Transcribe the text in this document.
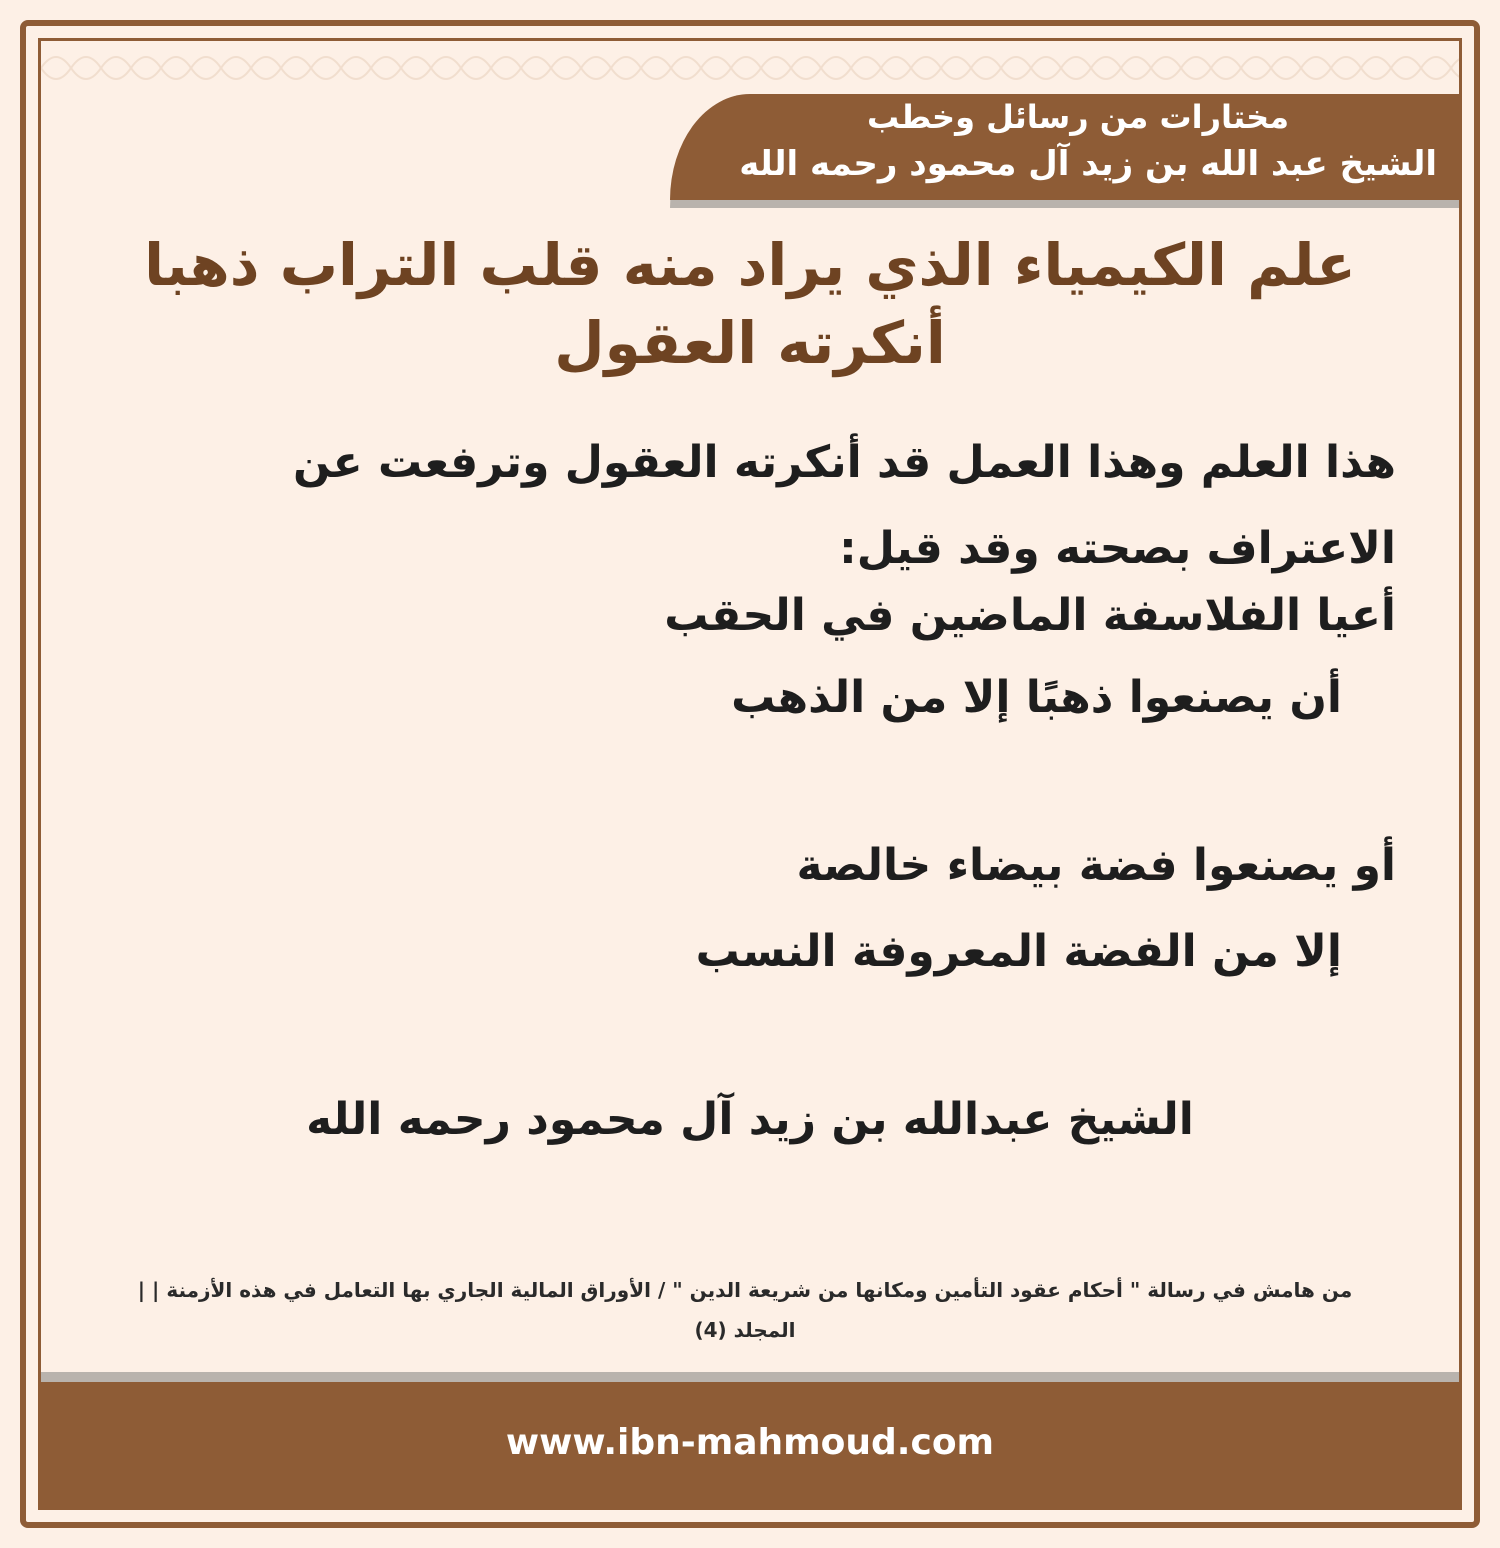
مختارات من رسائل وخطب
الشيخ عبد الله بن زيد آل محمود رحمه الله
علم الكيمياء الذي يراد منه قلب التراب ذهبا
أنكرته العقول
هذا العلم وهذا العمل قد أنكرته العقول وترفعت عن الاعتراف بصحته وقد قيل:
أعيا الفلاسفة الماضين في الحقب
أن يصنعوا ذهبًا إلا من الذهب
أو يصنعوا فضة بيضاء خالصة
إلا من الفضة المعروفة النسب
الشيخ عبدالله بن زيد آل محمود رحمه الله
من هامش في رسالة " أحكام عقود التأمين ومكانها من شريعة الدين " / الأوراق المالية الجاري بها التعامل في هذه الأزمنة | |
المجلد (4)
www.ibn-mahmoud.com
